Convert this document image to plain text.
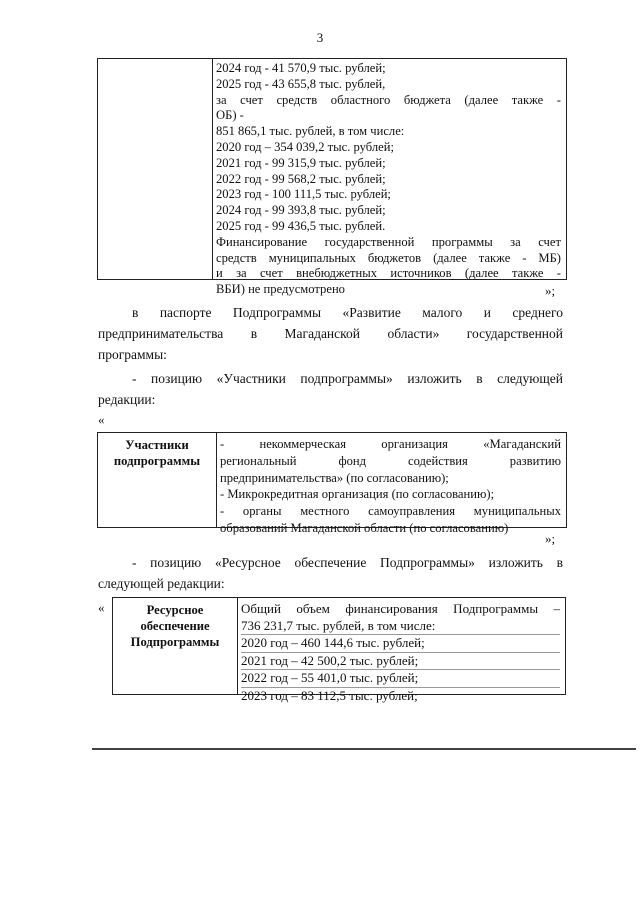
3
2024 год - 41 570,9 тыс. рублей;
2025 год - 43 655,8 тыс. рублей,
за счет средств областного бюджета (далее также -
ОБ) -
851 865,1 тыс. рублей, в том числе:
2020 год – 354 039,2 тыс. рублей;
2021 год - 99 315,9 тыс. рублей;
2022 год - 99 568,2 тыс. рублей;
2023 год - 100 111,5 тыс. рублей;
2024 год - 99 393,8 тыс. рублей;
2025 год - 99 436,5 тыс. рублей.
Финансирование государственной программы за счет
средств муниципальных бюджетов (далее также - МБ)
и за счет внебюджетных источников (далее также -
ВБИ) не предусмотрено	»;
в паспорте Подпрограммы «Развитие малого и среднего
предпринимательства в Магаданской области» государственной
программы:
- позицию «Участники подпрограммы» изложить в следующей
редакции:
«
Участники подпрограммы
- некоммерческая организация «Магаданский
региональный фонд содействия развитию
предпринимательства» (по согласованию);
- Микрокредитная организация (по согласованию);
- органы местного самоуправления муниципальных
образований Магаданской области (по согласованию)
»;
- позицию «Ресурсное обеспечение Подпрограммы» изложить в
следующей редакции:
«	Ресурсное обеспечение Подпрограммы
Общий объем финансирования Подпрограммы –
736 231,7 тыс. рублей, в том числе:
2020 год – 460 144,6 тыс. рублей;
2021 год – 42 500,2 тыс. рублей;
2022 год – 55 401,0 тыс. рублей;
2023 год – 83 112,5 тыс. рублей;
